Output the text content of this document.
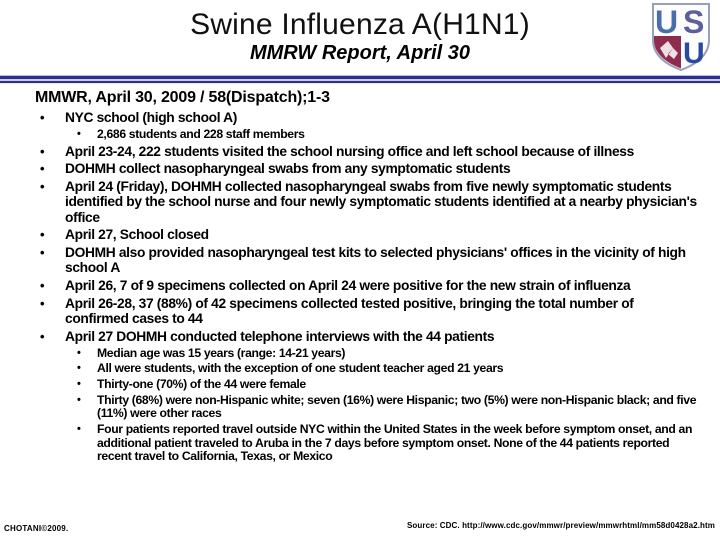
Swine Influenza A(H1N1)
MMRW Report, April 30
U S
U
MMWR, April 30, 2009 / 58(Dispatch);1-3
•	NYC school (high school A)
•	2,686 students and 228 staff members
•	April 23-24, 222 students visited the school nursing office and left school because of illness
•	DOHMH collect nasopharyngeal swabs from any symptomatic students
•	April 24 (Friday), DOHMH collected nasopharyngeal swabs from five newly symptomatic students identified by the school nurse and four newly symptomatic students identified at a nearby physician's office
•	April 27, School closed
•	DOHMH also provided nasopharyngeal test kits to selected physicians' offices in the vicinity of high school A
•	April 26, 7 of 9 specimens collected on April 24 were positive for the new strain of influenza
•	April 26-28, 37 (88%) of 42 specimens collected tested positive, bringing the total number of confirmed cases to 44
•	April 27 DOHMH conducted telephone interviews with the 44 patients
•	Median age was 15 years (range: 14-21 years)
•	All were students, with the exception of one student teacher aged 21 years
•	Thirty-one (70%) of the 44 were female
•	Thirty (68%) were non-Hispanic white; seven (16%) were Hispanic; two (5%) were non-Hispanic black; and five (11%) were other races
•	Four patients reported travel outside NYC within the United States in the week before symptom onset, and an additional patient traveled to Aruba in the 7 days before symptom onset. None of the 44 patients reported recent travel to California, Texas, or Mexico
CHOTANI©2009.	Source: CDC. http://www.cdc.gov/mmwr/preview/mmwrhtml/mm58d0428a2.htm
